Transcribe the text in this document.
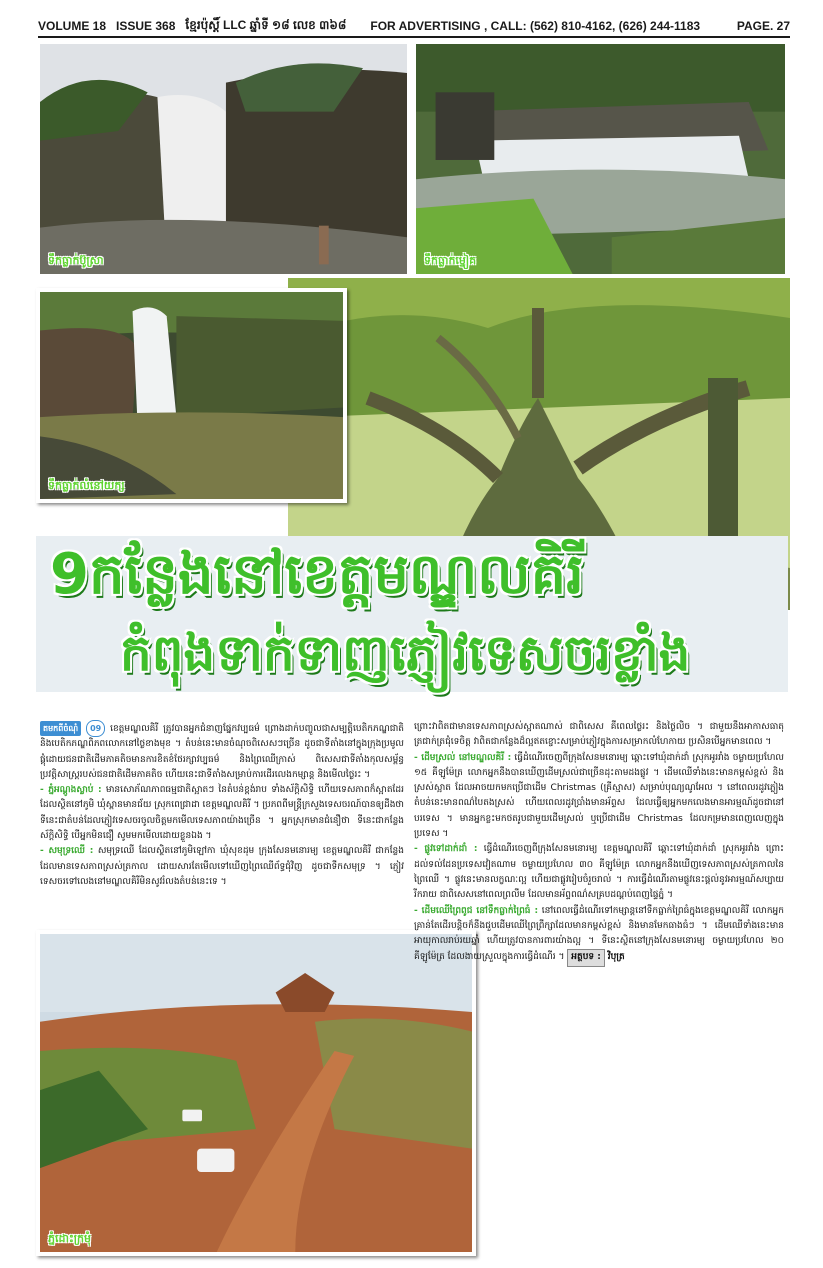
VOLUME 18 ISSUE 368 ខ្មែរប៉ុស្ដិ៍ LLC ឆ្នាំទី ១៨ លេខ ៣៦៨ FOR ADVERTISING , CALL: (562) 810-4162, (626) 244-1183	PAGE. 27
ទឹកធ្លាក់ប៊ូស្រា	ទឹកធ្លាក់ម្នៀគ
ទឹកធ្លាក់លំនៅយក្ស
9កន្លែងនៅខេត្តមណ្ឌលគិរី
កំពុងទាក់ទាញភ្ញៀវទេសចរខ្លាំង

តមកពីចំណុំ 09 ខេត្តមណ្ឌលគិរី ត្រូវបានអ្នកជំនាញផ្នែកវប្បធម៌ ព្រោងដាក់បញ្ចូលជាសម្បត្តិបេតិកភណ្ឌជាតិ និងបេតិកភណ្ឌពិភពលោកនៅថ្ងៃខាងមុខ ។ តំបន់នេះមានចំណុចពិសេសៗច្រើន ដូចជាទីតាំងនៅក្នុងក្រុងប្រមូលផ្ដុំដោយជនជាតិដើមភាគតិចមានការខិតខំថែរក្សាវប្បធម៌ និងព្រៃឈើក្រាស់ ពិសេសជាទីតាំងកុលសម្ព័ន្ធប្រវត្តិសាស្ត្ររបស់ជនជាតិដើមភាគតិច ហើយនេះជាទីតាំងសម្រាប់ការដើរលេងកម្សាន្ត និងមើលថ្ងៃរះ ។

- ភ្នំអណ្ដូងស្លាប់ : មានសោភ័ណភាពធម្មជាតិស្អាតៗ នៃតំបន់ខ្ពង់រាប ទាំងស័ក្ដិសិទ្ធិ ហើយទេសភាពក៏ស្អាតដែរ ដែលស្ថិតនៅភូមិ ឃុំស្ពានមានជ័យ ស្រុកពេជ្រាដា ខេត្តមណ្ឌលគិរី ។ ប្រភពពីមន្ត្រីក្រសួងទេសចរណ៍បានឲ្យដឹងថា ទីនេះជាតំបន់ដែលភ្ញៀវទេសចរចូលចិត្តមកមើលទេសភាពយ៉ាងច្រើន ។ អ្នកស្រុកមានជំនឿថា ទីនេះជាកន្លែងស័ក្ដិសិទ្ធិ បើអ្នកមិនជឿ សូមមកមើលដោយខ្លួនឯង ។

- សមុទ្រឈើ : សមុទ្រឈើ ដែលស្ថិតនៅភូមិឡៅកា ឃុំសុខដុម ក្រុងសែនមនោរម្យ ខេត្តមណ្ឌលគិរី ជាកន្លែងដែលមានទេសភាពស្រស់ត្រកាល ដោយសារតែមើលទៅឃើញព្រៃឈើព័ទ្ធជុំវិញ ដូចជាទឹកសមុទ្រ ។ ភ្ញៀវទេសចរទៅលេងនៅមណ្ឌលគិរីមិនសូវរំលងតំបន់នេះទេ ។

ភ្នំដោះក្រមុំ

ព្រោះវាពិតជាមានទេសភាពស្រស់ស្អាតណាស់ ជាពិសេស គឺពេលថ្ងៃរះ និងថ្ងៃលិច ។ ជាមួយនឹងអាកាសធាតុត្រជាក់ត្រជុំទេចិត្ត វាពិតជាកន្លែងដ៏ល្អឥតខ្ចោះសម្រាប់ភ្ញៀវក្នុងការសម្រាកលំហែកាយ ប្រសិនបើអ្នកមានពេល ។

- ដើមស្រល់ នៅមណ្ឌលគិរី : ធ្វើដំណើរចេញពីក្រុងសែនមនោរម្យ ឆ្ពោះទៅឃុំដាក់ដាំ ស្រុកអូររាំង ចម្ងាយប្រហែល ១៥ គីឡូម៉ែត្រ លោកអ្នកនឹងបានឃើញដើមស្រល់ជាច្រើនដុះតាមដងផ្លូវ ។ ដើមឈើទាំងនេះមានកម្ពស់ខ្ពស់ និងស្រស់ស្អាត ដែលអាចយកមកប្រើជាដើម Christmas (គ្រីស្មាស) សម្រាប់បុណ្យណូអែល ។ នៅពេលរដូវភ្លៀង តំបន់នេះមានពណ៌បៃតងស្រស់ ហើយពេលរដូវប្រាំងមានអ័ព្ទស ដែលធ្វើឲ្យអ្នកមកលេងមានអារម្មណ៍ដូចជានៅបរទេស ។ មានអ្នកខ្លះមកថតរូបជាមួយដើមស្រល់ ឬប្រើជាដើម Christmas ដែលកម្រមានពេញលេញក្នុងប្រទេស ។

- ផ្លូវទៅដាក់ដាំ : ធ្វើដំណើរចេញពីក្រុងសែនមនោរម្យ ខេត្តមណ្ឌលគិរី ឆ្ពោះទៅឃុំដាក់ដាំ ស្រុកអូររាំង ព្រោះដល់ទល់ដែនប្រទេសវៀតណាម ចម្ងាយប្រហែល ៣០ គីឡូម៉ែត្រ លោកអ្នកនឹងឃើញទេសភាពស្រស់ត្រកាលនៃព្រៃឈើ ។ ផ្លូវនេះមានលក្ខណៈល្អ ហើយជាផ្លូវរៀបចំរួចរាល់ ។ ការធ្វើដំណើរតាមផ្លូវនេះផ្ដល់នូវអារម្មណ៍សប្បាយរីករាយ ជាពិសេសនៅពេលព្រលឹម ដែលមានអ័ព្ទពណ៌សគ្របដណ្ដប់ពេញផ្ទៃភ្នំ ។

- ដើមឈើព្រៃពូជ នៅទឹកធ្លាក់ព្រៃធំ : នៅពេលធ្វើដំណើរទៅកម្សាន្តនៅទឹកធ្លាក់ព្រៃធំក្នុងខេត្តមណ្ឌលគិរី លោកអ្នកគ្រាន់តែដើរបន្តិចក៏នឹងជួបដើមឈើព្រៃព្រឹក្សាដែលមានកម្ពស់ខ្ពស់ និងមានមែកធាងធំៗ ។ ដើមឈើទាំងនេះមានអាយុកាលរាប់រយឆ្នាំ ហើយត្រូវបានការពារយ៉ាងល្អ ។ ទីនេះស្ថិតនៅក្រុងសែនមនោរម្យ ចម្ងាយប្រហែល ២០ គីឡូម៉ែត្រ ដែលងាយស្រួលក្នុងការធ្វើដំណើរ ។ អត្ថបទ : វិបុត្រ
